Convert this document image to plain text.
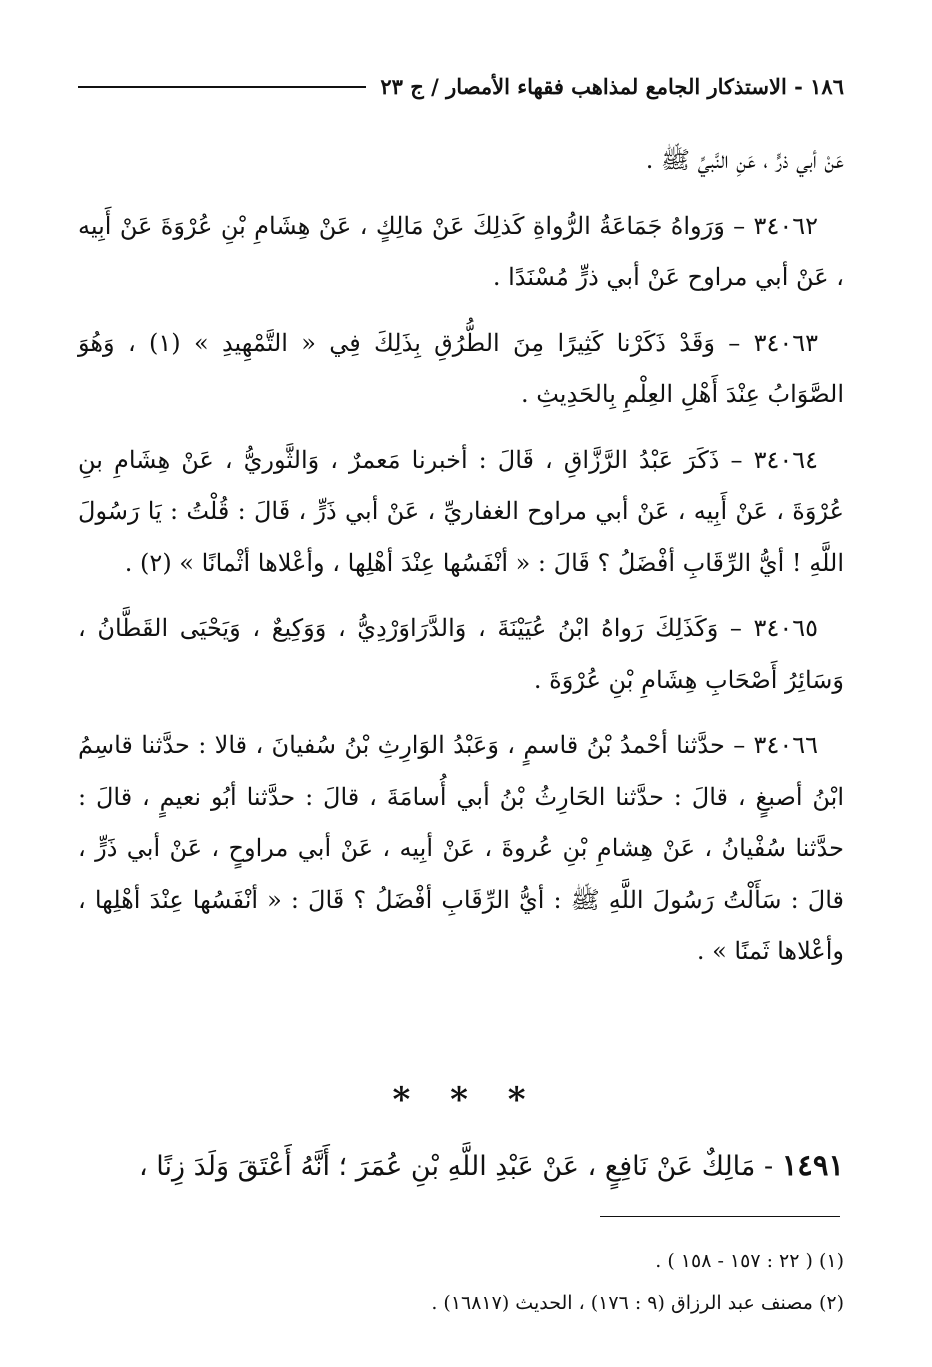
١٨٦ - الاستذكار الجامع لمذاهب فقهاء الأمصار / ج ٢٣

عَنْ أبي ذرٍّ ، عَنِ النَّبيِّ ﷺ .

٣٤٠٦٢ – وَرَواهُ جَمَاعَةُ الرُّواةِ كَذلِكَ عَنْ مَالِكٍ ، عَنْ هِشَامِ بْنِ عُرْوَةَ عَنْ أَبِيه ، عَنْ أبي مراوح عَنْ أبي ذرٍّ مُسْنَدًا .

٣٤٠٦٣ – وَقَدْ ذَكَرْنا كَثِيرًا مِنَ الطُّرُقِ بِذَلِكَ فِي « التَّمْهِيدِ » (١) ، وَهُوَ الصَّوَابُ عِنْدَ أَهْلِ العِلْمِ بِالحَدِيثِ .

٣٤٠٦٤ – ذَكَرَ عَبْدُ الرَّزَّاقِ ، قَالَ : أخبرنا مَعمرٌ ، وَالثَّوريُّ ، عَنْ هِشَامِ بنِ عُرْوَةَ ، عَنْ أَبِيه ، عَنْ أبي مراوح الغفاريِّ ، عَنْ أبي ذَرٍّ ، قَالَ : قُلْتُ : يَا رَسُولَ اللَّهِ ! أيُّ الرِّقَابِ أفْضَلُ ؟ قَالَ : « أنْفَسُها عِنْدَ أهْلِها ، وأعْلاها أثْمانًا » (٢) .

٣٤٠٦٥ – وَكَذَلِكَ رَواهُ ابْنُ عُيَيْنَةَ ، وَالدَّرَاوَرْدِيُّ ، وَوَكِيعٌ ، وَيَحْيَى القَطَّانُ ، وَسَائِرُ أَصْحَابِ هِشَامِ بْنِ عُرْوَةَ .

٣٤٠٦٦ – حدَّثنا أحْمدُ بْنُ قاسمٍ ، وَعَبْدُ الوَارِثِ بْنُ سُفيانَ ، قالا : حدَّثنا قاسِمُ ابْنُ أصبغٍ ، قالَ : حدَّثنا الحَارِثُ بْنُ أبي أُسامَةَ ، قالَ : حدَّثنا أبُو نعيمٍ ، قالَ : حدَّثنا سُفْيانُ ، عَنْ هِشامِ بْنِ عُروةَ ، عَنْ أبِيه ، عَنْ أبي مراوحٍ ، عَنْ أبي ذَرٍّ ، قالَ : سَأَلْتُ رَسُولَ اللَّهِ ﷺ : أيُّ الرِّقَابِ أفْضَلُ ؟ قَالَ : « أنْفَسُها عِنْدَ أهْلِها ، وأعْلاها ثَمنًا » .

* * *
١٤٩١ - مَالِكٌ عَنْ نَافِعٍ ، عَنْ عَبْدِ اللَّهِ بْنِ عُمَرَ ؛ أَنَّهُ أَعْتَقَ وَلَدَ زِنًا ،

(١) ( ٢٢ : ١٥٧ - ١٥٨ ) .

(٢) مصنف عبد الرزاق (٩ : ١٧٦) ، الحديث (١٦٨١٧) .
